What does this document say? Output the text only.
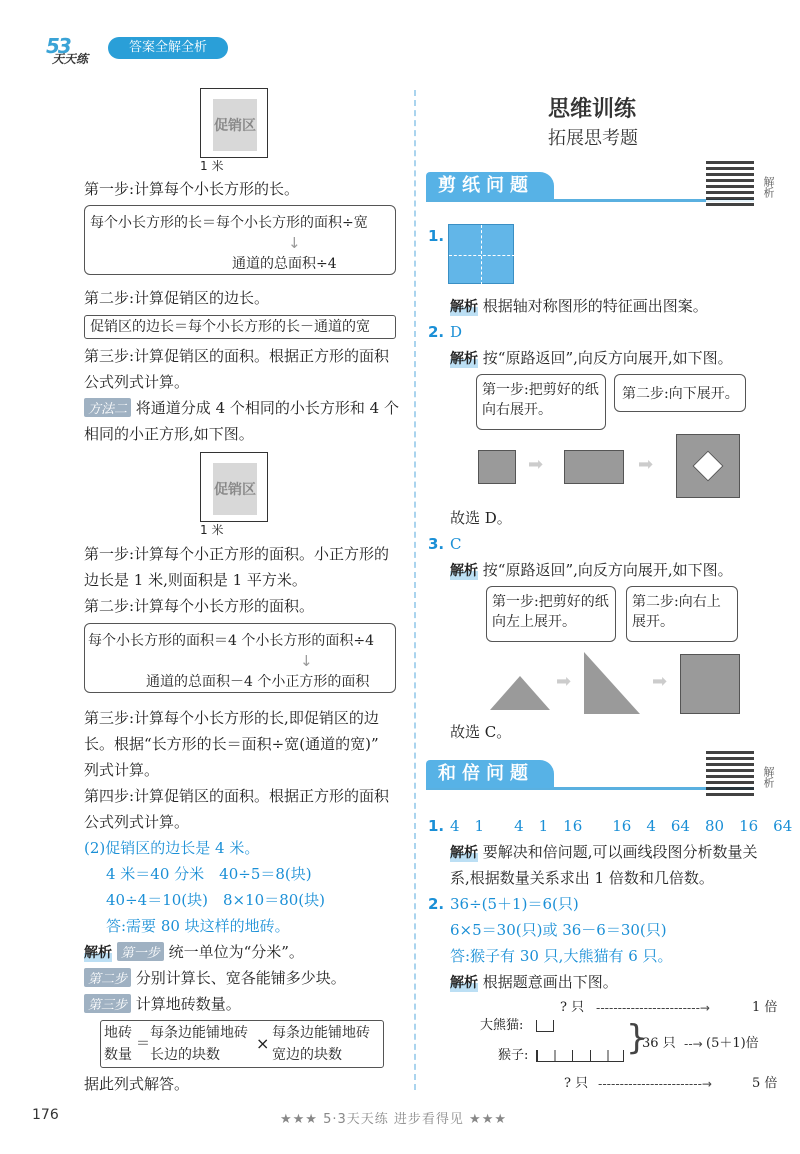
53
天天练
答案全解全析
促销区
1 米
第一步:计算每个小长方形的长。
每个小长方形的长＝每个小长方形的面积÷宽
↓
通道的总面积÷4
第二步:计算促销区的边长。
促销区的边长＝每个小长方形的长－通道的宽
第三步:计算促销区的面积。根据正方形的面积
公式列式计算。
方法二 将通道分成 4 个相同的小长方形和 4 个
相同的小正方形,如下图。
促销区
1 米
第一步:计算每个小正方形的面积。小正方形的
边长是 1 米,则面积是 1 平方米。
第二步:计算每个小长方形的面积。
每个小长方形的面积＝4 个小长方形的面积÷4
↓
通道的总面积－4 个小正方形的面积
第三步:计算每个小长方形的长,即促销区的边
长。根据“长方形的长＝面积÷宽(通道的宽)”
列式计算。
第四步:计算促销区的面积。根据正方形的面积
公式列式计算。
(2)促销区的边长是 4 米。
4 米＝40 分米　40÷5＝8(块)
40÷4＝10(块)　8×10＝80(块)
答:需要 80 块这样的地砖。
解析 第一步 统一单位为“分米”。
第二步 分别计算长、宽各能铺多少块。
第三步 计算地砖数量。
地砖
数量
＝
每条边能铺地砖
长边的块数
×
每条边能铺地砖
宽边的块数
据此列式解答。
思维训练
拓展思考题
剪纸问题	解析
1.
解析 根据轴对称图形的特征画出图案。
2. D
解析 按“原路返回”,向反方向展开,如下图。
第一步:把剪好的纸向右展开。
第二步:向下展开。
➡	➡
故选 D。
3. C
解析 按“原路返回”,向反方向展开,如下图。
第一步:把剪好的纸向左上展开。
第二步:向右上展开。
➡	➡
故选 C。
和倍问题	解析
1. 4　1　　4　1　16　　16　4　64　80　16　64
解析 要解决和倍问题,可以画线段图分析数量关
系,根据数量关系求出 1 倍数和几倍数。
2. 36÷(5＋1)＝6(只)
6×5＝30(只)或 36－6＝30(只)
答:猴子有 30 只,大熊猫有 6 只。
解析 根据题意画出下图。
? 只 ------------------------→	1 倍
大熊猫:
猴子:	}
36 只 --→ (5＋1)倍
? 只 ------------------------→	5 倍
176	★★★ 5·3天天练 进步看得见 ★★★
